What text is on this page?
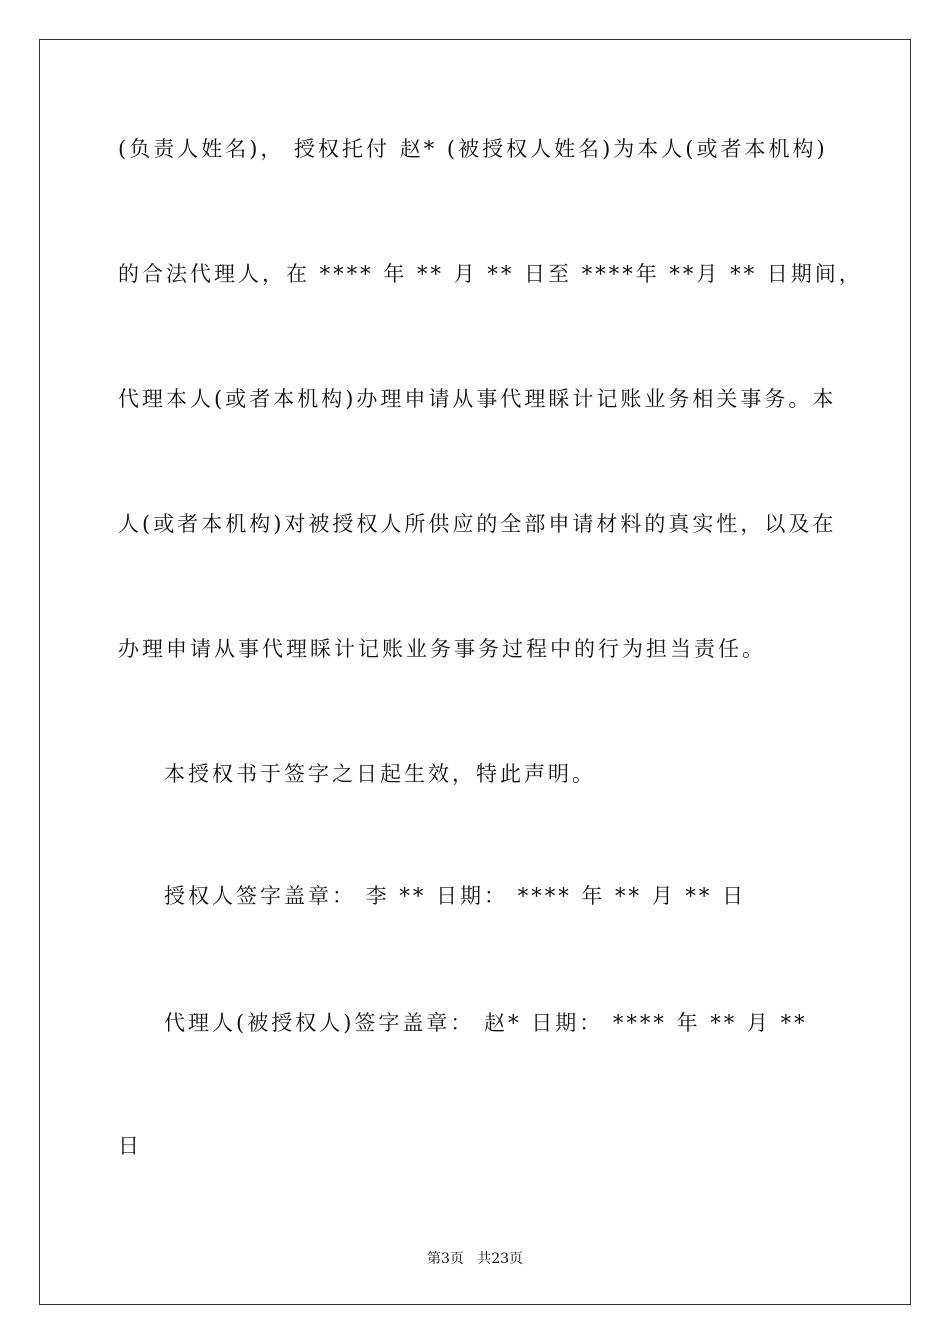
(负责人姓名)， 授权托付 赵* (被授权人姓名)为本人(或者本机构)
的合法代理人，在 **** 年 ** 月 ** 日至 ****年 **月 ** 日期间，
代理本人(或者本机构)办理申请从事代理睬计记账业务相关事务。本
人(或者本机构)对被授权人所供应的全部申请材料的真实性，以及在
办理申请从事代理睬计记账业务事务过程中的行为担当责任。
本授权书于签字之日起生效，特此声明。
授权人签字盖章： 李 ** 日期： **** 年 ** 月 ** 日
代理人(被授权人)签字盖章： 赵* 日期： **** 年 ** 月 **
日
第3页   共23页
